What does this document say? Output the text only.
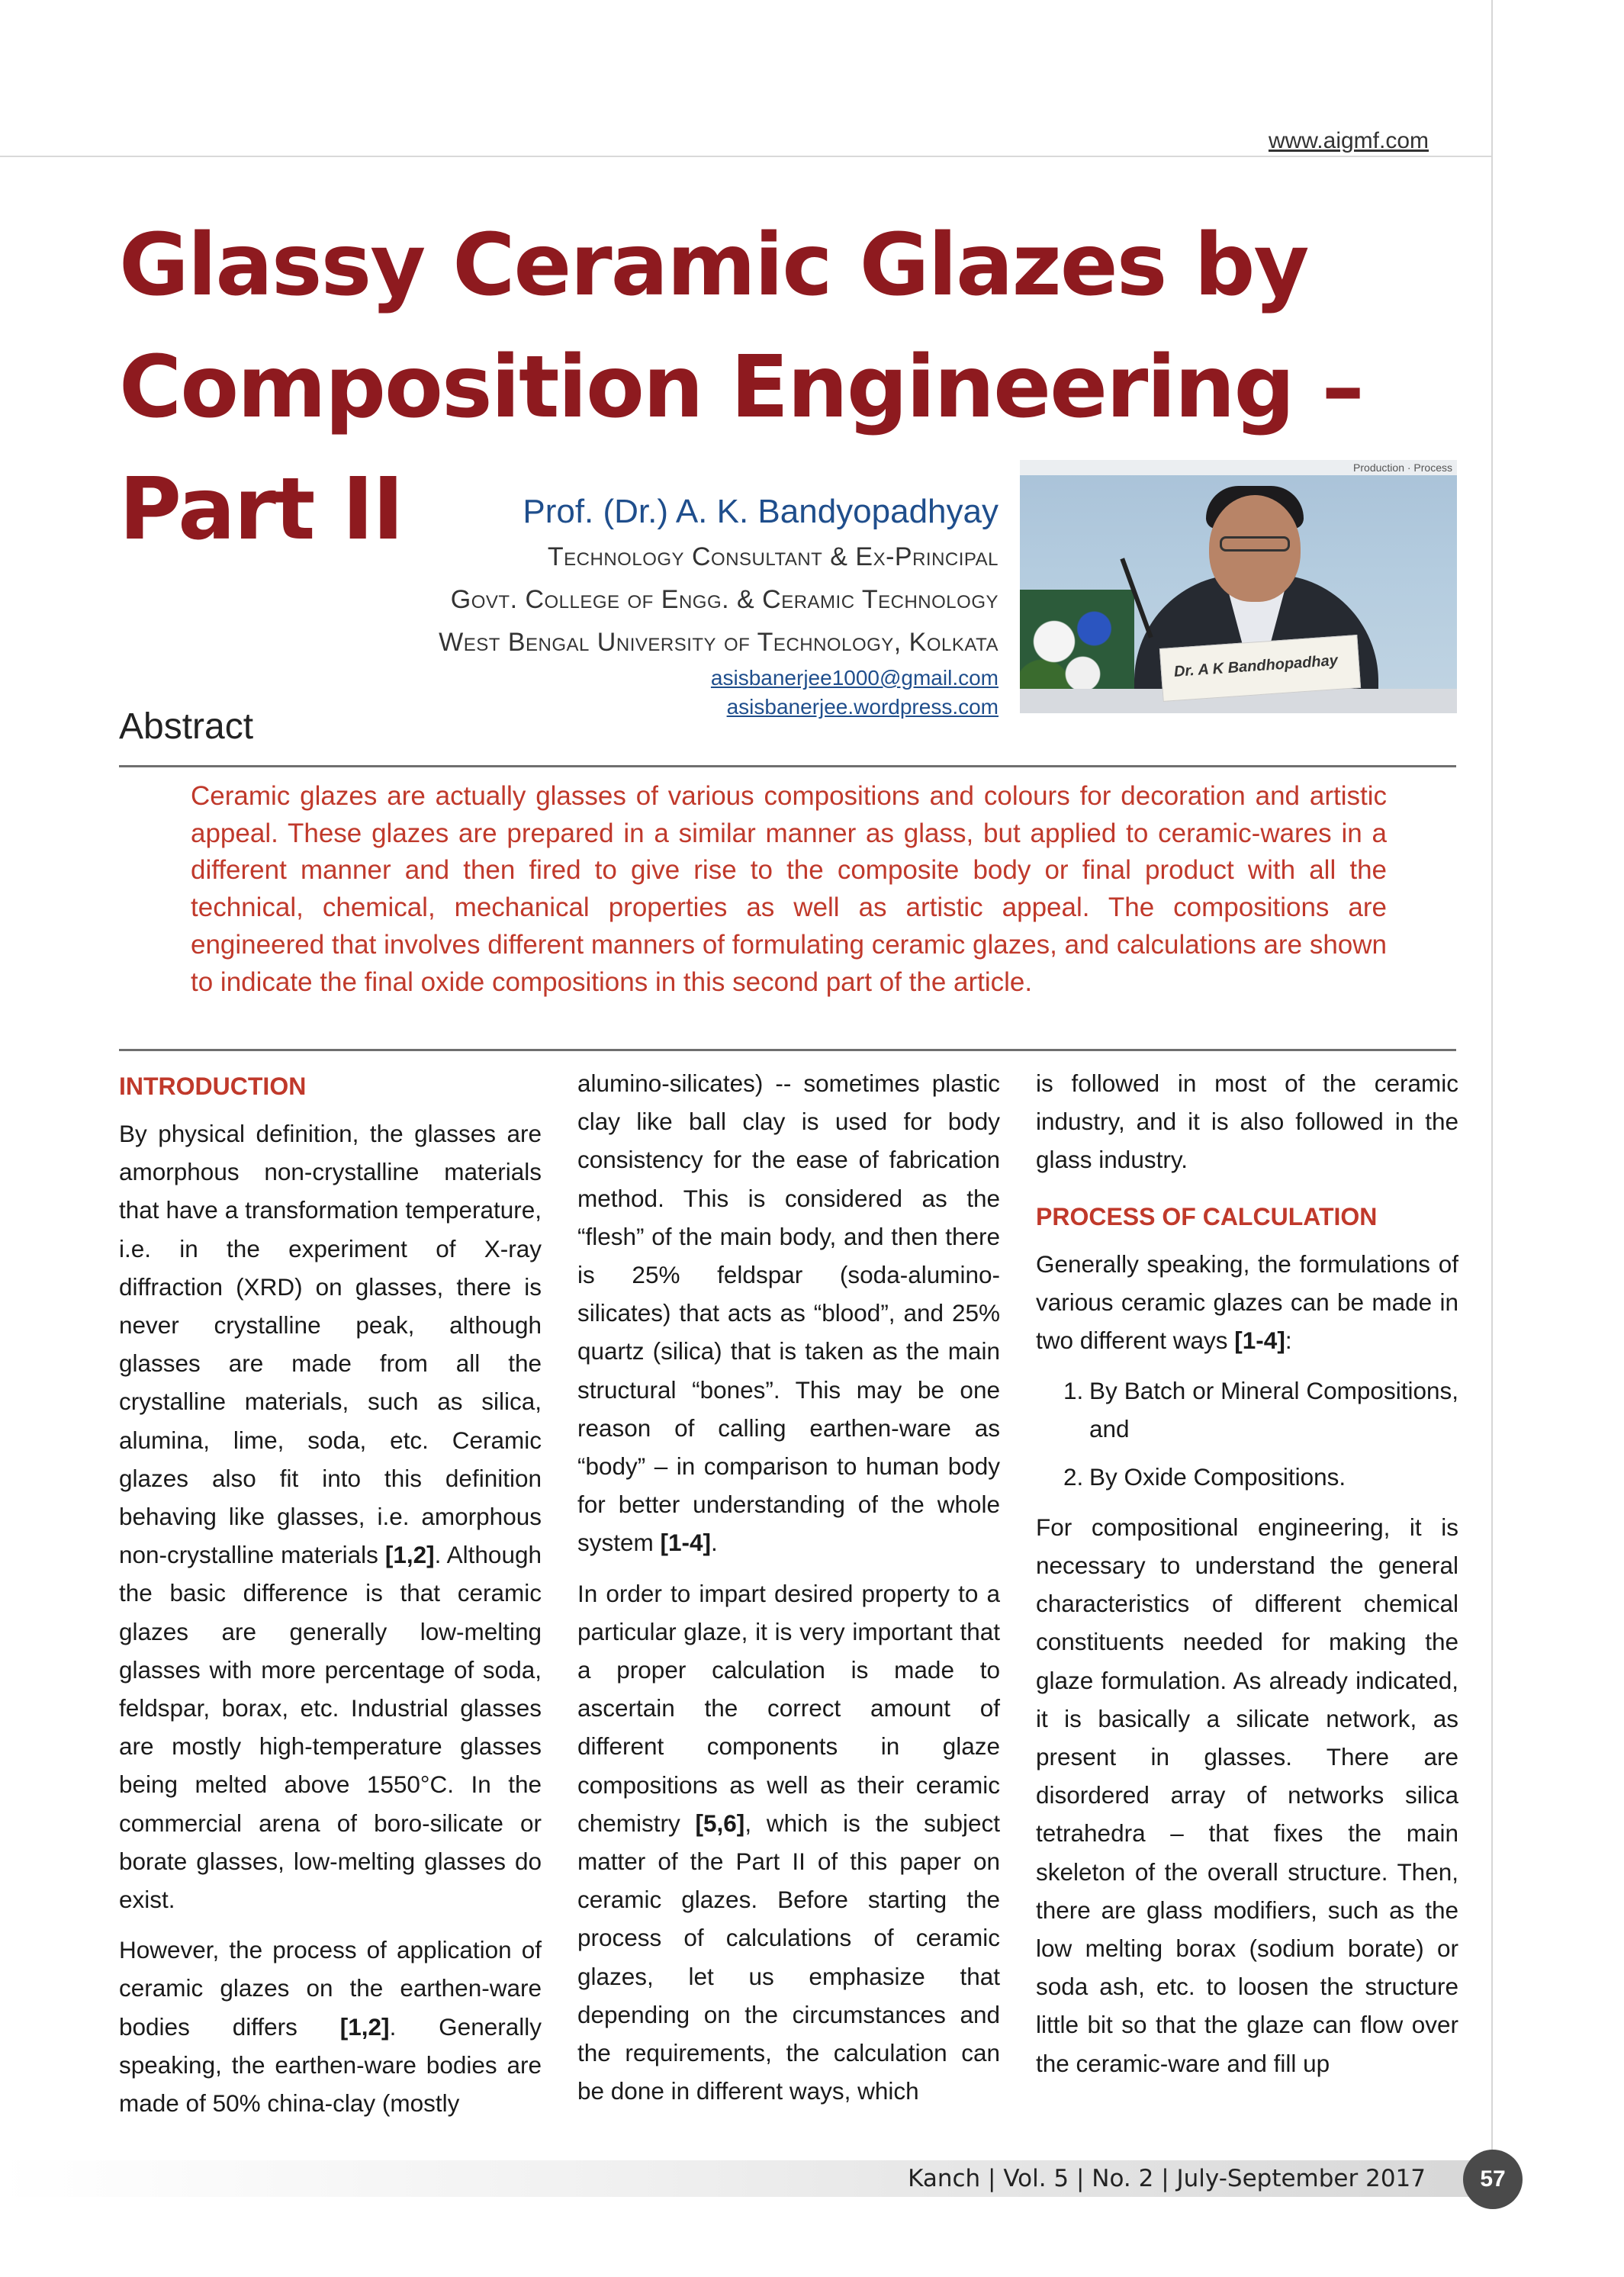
www.aigmf.com
Glassy Ceramic Glazes by
Composition Engineering – Part II	Prof. (Dr.) A. K. Bandyopadhyay
Technology Consultant & Ex-Principal
Govt. College of Engg. & Ceramic Technology
West Bengal University of Technology, Kolkata
asisbanerjee1000@gmail.com
asisbanerjee.wordpress.com
Production · Process
Dr. A K Bandhopadhay
Abstract

Ceramic glazes are actually glasses of various compositions and colours for decoration and artistic appeal. These glazes are prepared in a similar manner as glass, but applied to ceramic-wares in a different manner and then fired to give rise to the composite body or final product with all the technical, chemical, mechanical properties as well as artistic appeal. The compositions are engineered that involves different manners of formulating ceramic glazes, and calculations are shown to indicate the final oxide compositions in this second part of the article.

INTRODUCTION

By physical definition, the glasses are amorphous non-crystalline materials that have a transformation temperature, i.e. in the experiment of X-ray diffraction (XRD) on glasses, there is never crystalline peak, although glasses are made from all the crystalline materials, such as silica, alumina, lime, soda, etc. Ceramic glazes also fit into this definition behaving like glasses, i.e. amorphous non-crystalline materials [1,2]. Although the basic difference is that ceramic glazes are generally low-melting glasses with more percentage of soda, feldspar, borax, etc. Industrial glasses are mostly high-temperature glasses being melted above 1550°C. In the commercial arena of boro-silicate or borate glasses, low-melting glasses do exist.

However, the process of application of ceramic glazes on the earthen-ware bodies differs [1,2]. Generally speaking, the earthen-ware bodies are made of 50% china-clay (mostly

alumino-silicates) -- sometimes plastic clay like ball clay is used for body consistency for the ease of fabrication method. This is considered as the “flesh” of the main body, and then there is 25% feldspar (soda-alumino-silicates) that acts as “blood”, and 25% quartz (silica) that is taken as the main structural “bones”. This may be one reason of calling earthen-ware as “body” – in comparison to human body for better understanding of the whole system [1-4].

In order to impart desired property to a particular glaze, it is very important that a proper calculation is made to ascertain the correct amount of different components in glaze compositions as well as their ceramic chemistry [5,6], which is the subject matter of the Part II of this paper on ceramic glazes. Before starting the process of calculations of ceramic glazes, let us emphasize that depending on the circumstances and the requirements, the calculation can be done in different ways, which

is followed in most of the ceramic industry, and it is also followed in the glass industry.

PROCESS OF CALCULATION

Generally speaking, the formulations of various ceramic glazes can be made in two different ways [1-4]:

1. By Batch or Mineral Compositions, and
2. By Oxide Compositions.

For compositional engineering, it is necessary to understand the general characteristics of different chemical constituents needed for making the glaze formulation. As already indicated, it is basically a silicate network, as present in glasses. There are disordered array of networks silica tetrahedra – that fixes the main skeleton of the overall structure. Then, there are glass modifiers, such as the low melting borax (sodium borate) or soda ash, etc. to loosen the structure little bit so that the glaze can flow over the ceramic-ware and fill up

Kanch | Vol. 5 | No. 2 | July-September 2017	57
